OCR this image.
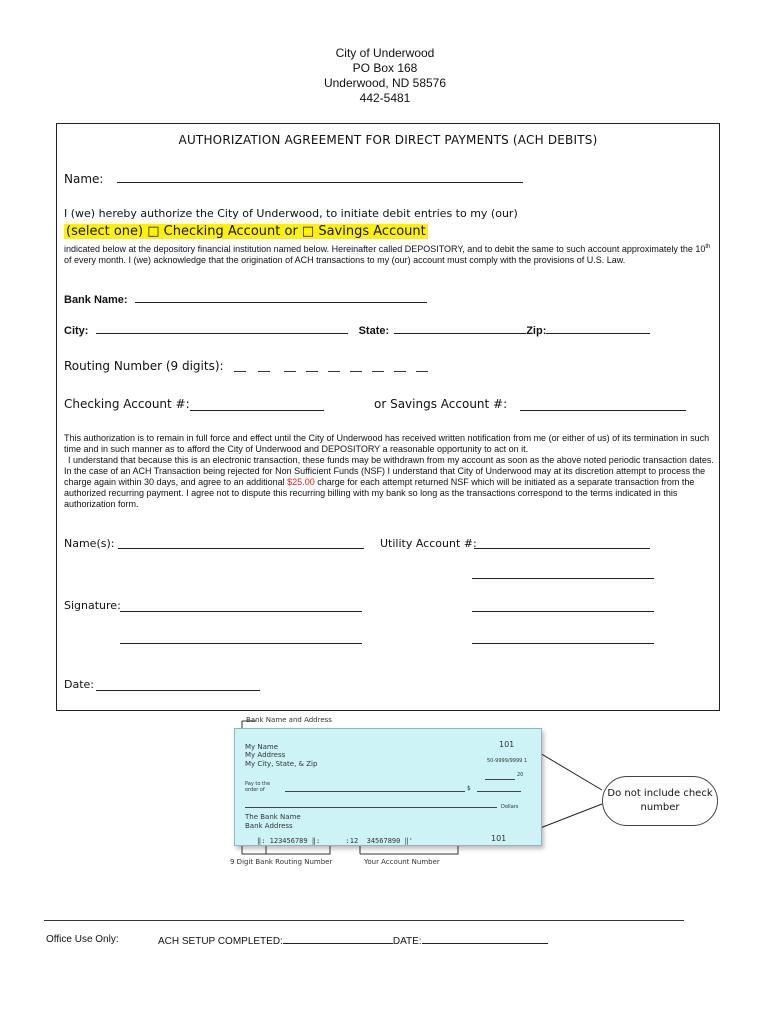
City of Underwood
PO Box 168
Underwood, ND 58576
442-5481
AUTHORIZATION AGREEMENT FOR DIRECT PAYMENTS (ACH DEBITS)
Name:
I (we) hereby authorize the City of Underwood, to initiate debit entries to my (our)
(select one) □ Checking Account or □ Savings Account
indicated below at the depository financial institution named below. Hereinafter called DEPOSITORY, and to debit the same to such account approximately the 10th of every month. I (we) acknowledge that the origination of ACH transactions to my (our) account must comply with the provisions of U.S. Law.
Bank Name:
City:	State:	Zip:
Routing Number (9 digits):
Checking Account #:	or Savings Account #:
This authorization is to remain in full force and effect until the City of Underwood has received written notification from me (or either of us) of its termination in such time and in such manner as to afford the City of Underwood and DEPOSITORY a reasonable opportunity to act on it.
I understand that because this is an electronic transaction, these funds may be withdrawn from my account as soon as the above noted periodic transaction dates. In the case of an ACH Transaction being rejected for Non Sufficient Funds (NSF) I understand that City of Underwood may at its discretion attempt to process the charge again within 30 days, and agree to an additional $25.00 charge for each attempt returned NSF which will be initiated as a separate transaction from the authorized recurring payment. I agree not to dispute this recurring billing with my bank so long as the transactions correspond to the terms indicated in this authorization form.
Name(s):	Utility Account #:
Signature:
Date:
Bank Name and Address
My Name
My Address
My City, State, & Zip
101
50-9999/9999 1
20
Pay to the order of	$
Dollars
The Bank Name
Bank Address
‖: 123456789 ‖:      :12 34567890 ‖'	101
9 Digit Bank Routing Number	Your Account Number
Do not include check number
Office Use Only:	ACH SETUP COMPLETED:	DATE:
